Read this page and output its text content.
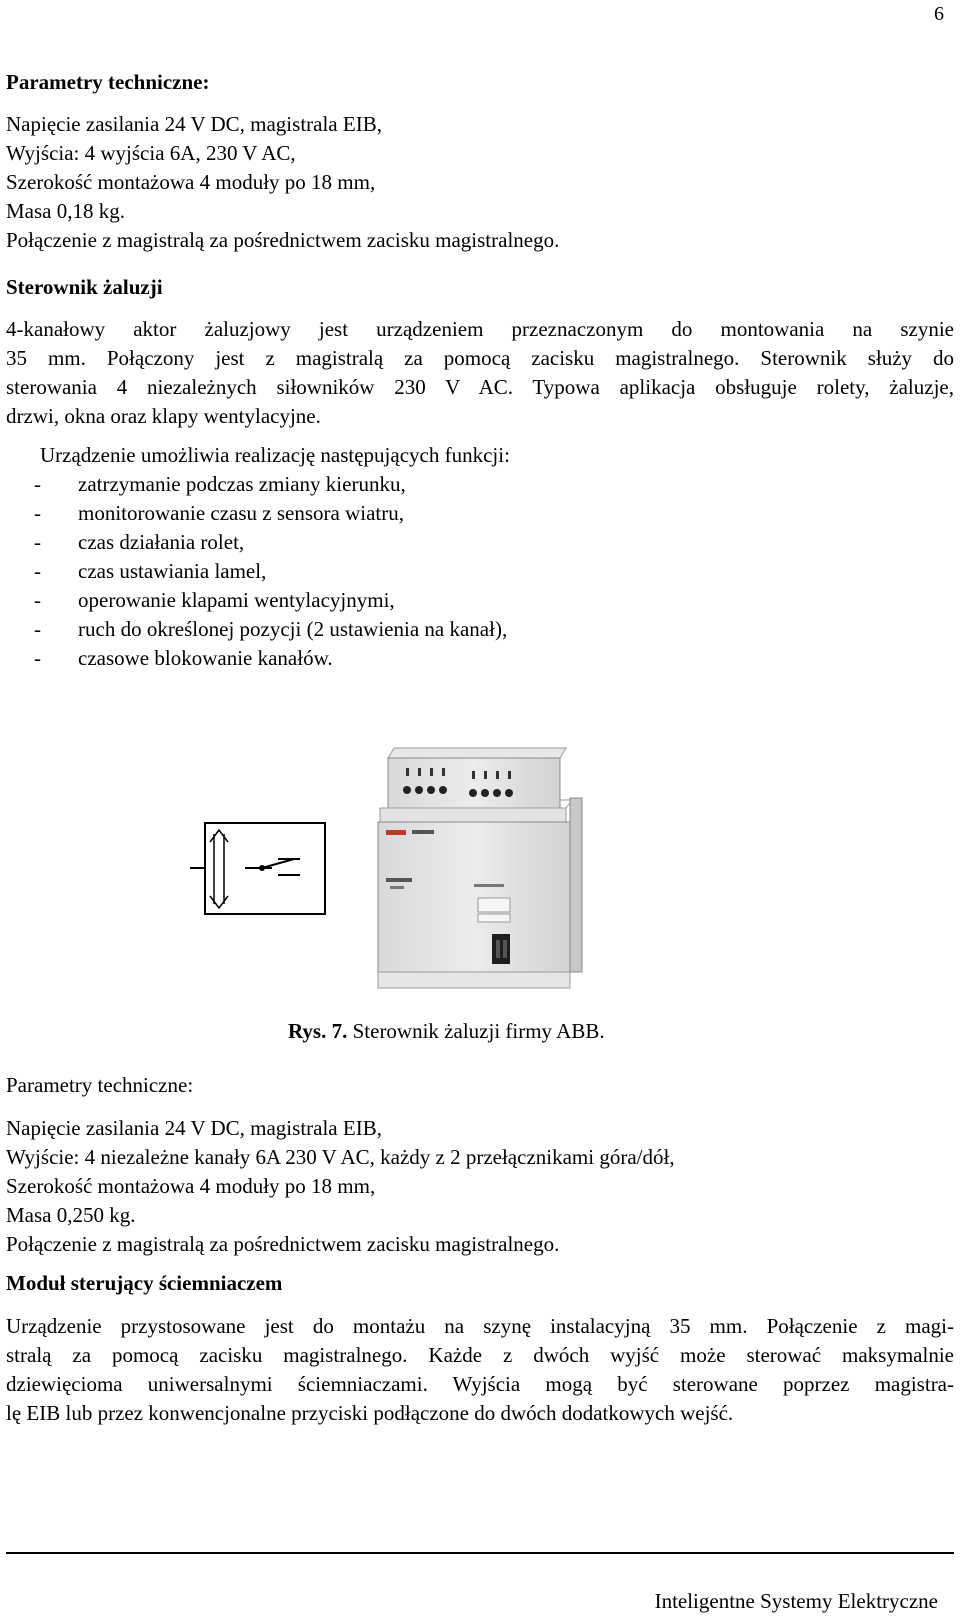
6
Parametry techniczne:
Napięcie zasilania 24 V DC, magistrala EIB,
Wyjścia: 4 wyjścia 6A, 230 V AC,
Szerokość montażowa 4 moduły po 18 mm,
Masa 0,18 kg.
Połączenie z magistralą za pośrednictwem zacisku magistralnego.
Sterownik żaluzji
4-kanałowy aktor żaluzjowy jest urządzeniem przeznaczonym do montowania na szynie
35 mm. Połączony jest z magistralą za pomocą zacisku magistralnego. Sterownik służy do
sterowania 4 niezależnych siłowników 230 V AC. Typowa aplikacja obsługuje rolety, żaluzje,
drzwi, okna oraz klapy wentylacyjne.
Urządzenie umożliwia realizację następujących funkcji:
- zatrzymanie podczas zmiany kierunku,
- monitorowanie czasu z sensora wiatru,
- czas działania rolet,
- czas ustawiania lamel,
- operowanie klapami wentylacyjnymi,
- ruch do określonej pozycji (2 ustawienia na kanał),
- czasowe blokowanie kanałów.
Rys. 7. Sterownik żaluzji firmy ABB.
Parametry techniczne:
Napięcie zasilania 24 V DC, magistrala EIB,
Wyjście: 4 niezależne kanały 6A 230 V AC, każdy z 2 przełącznikami góra/dół,
Szerokość montażowa 4 moduły po 18 mm,
Masa 0,250 kg.
Połączenie z magistralą za pośrednictwem zacisku magistralnego.
Moduł sterujący ściemniaczem
Urządzenie przystosowane jest do montażu na szynę instalacyjną 35 mm. Połączenie z magi-
stralą za pomocą zacisku magistralnego. Każde z dwóch wyjść może sterować maksymalnie
dziewięcioma uniwersalnymi ściemniaczami. Wyjścia mogą być sterowane poprzez magistra-
lę EIB lub przez konwencjonalne przyciski podłączone do dwóch dodatkowych wejść.
Inteligentne Systemy Elektryczne
